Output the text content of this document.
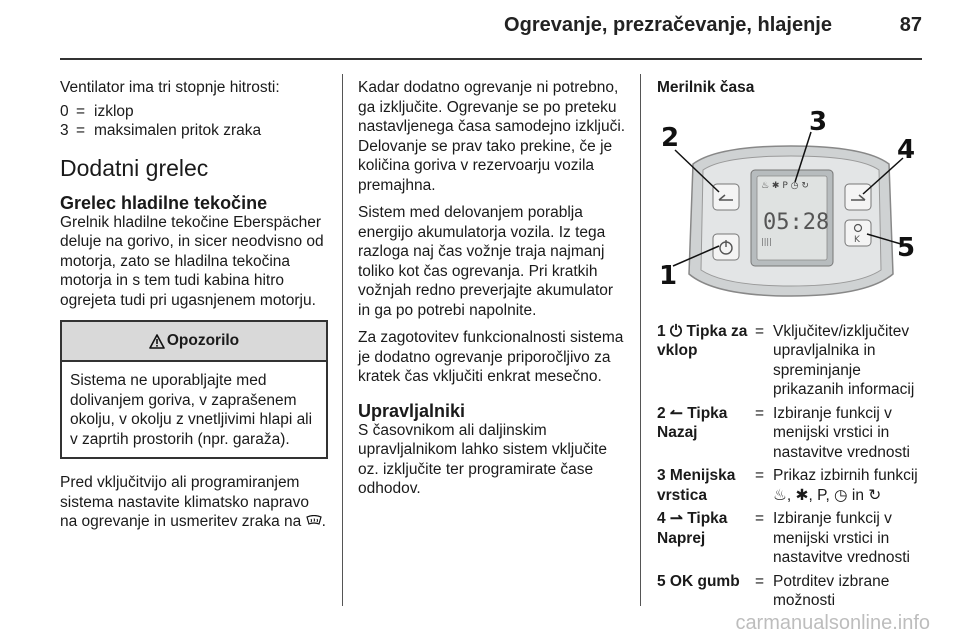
Ogrevanje, prezračevanje, hlajenje	87

Ventilator ima tri stopnje hitrosti:

0 = izklop
3 = maksimalen pritok zraka
Dodatni grelec
Grelec hladilne tekočine

Grelnik hladilne tekočine Eberspächer deluje na gorivo, in sicer neodvisno od motorja, zato se hladilna tekočina motorja in s tem tudi kabina hitro ogrejeta tudi pri ugasnjenem motorju.

Opozorilo
Sistema ne uporabljajte med dolivanjem goriva, v zaprašenem okolju, v okolju z vnetljivimi hlapi ali v zaprtih prostorih (npr. garaža).

Pred vključitvijo ali programiranjem sistema nastavite klimatsko napravo na ogrevanje in usmeritev zraka na .

Kadar dodatno ogrevanje ni potrebno, ga izključite. Ogrevanje se po preteku nastavljenega časa samodejno izključi. Delovanje se prav tako prekine, če je količina goriva v rezervoarju vozila premajhna.

Sistem med delovanjem porablja energijo akumulatorja vozila. Iz tega razloga naj čas vožnje traja najmanj toliko kot čas ogrevanja. Pri kratkih vožnjah redno preverjajte akumulator in ga po potrebi napolnite.

Za zagotovitev funkcionalnosti sistema je dodatno ogrevanje priporočljivo za kratek čas vključiti enkrat mesečno.

Upravljalniki

S časovnikom ali daljinskim upravljalnikom lahko sistem vključite oz. izključite ter programirate čase odhodov.

Merilnik časa

♨ ✱ P ◷ ↻
05:28
||||	K
2
3
4
5
1
1 ⏻ Tipka za vklop
= Vključitev/izključitev upravljalnika in spreminjanje prikazanih informacij
2 ↼ Tipka Nazaj
= Izbiranje funkcij v menijski vrstici in nastavitve vrednosti
3 Menijska vrstica
= Prikaz izbirnih funkcij ♨, ✱, P, ◷ in ↻
4 ⇀ Tipka Naprej
= Izbiranje funkcij v menijski vrstici in nastavitve vrednosti
5 OK gumb = Potrditev izbrane možnosti
carmanualsonline.info
